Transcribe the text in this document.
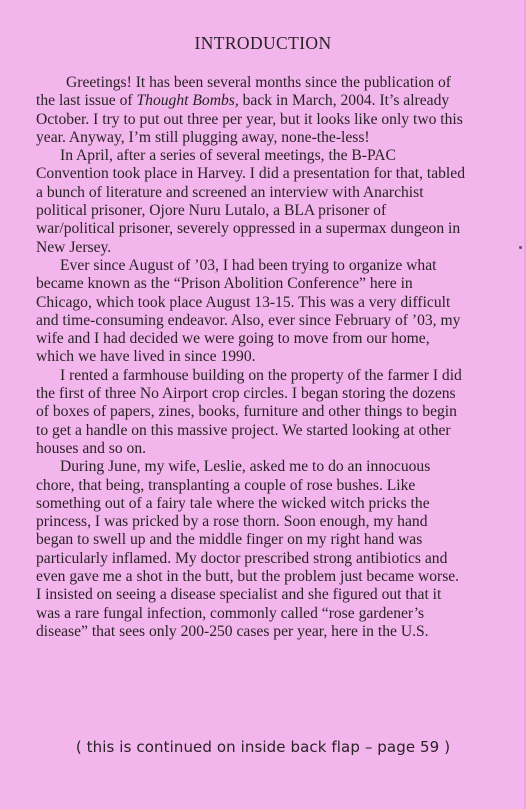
INTRODUCTION

Greetings! It has been several months since the publication of the last issue of Thought Bombs, back in March, 2004. It’s already October. I try to put out three per year, but it looks like only two this year. Anyway, I’m still plugging away, none-the-less!

In April, after a series of several meetings, the B-PAC Convention took place in Harvey. I did a presentation for that, tabled a bunch of literature and screened an interview with Anarchist political prisoner, Ojore Nuru Lutalo, a BLA prisoner of war/political prisoner, severely oppressed in a supermax dungeon in New Jersey.

Ever since August of ’03, I had been trying to organize what became known as the “Prison Abolition Conference” here in Chicago, which took place August 13-15. This was a very difficult and time-consuming endeavor. Also, ever since February of ’03, my wife and I had decided we were going to move from our home, which we have lived in since 1990.

I rented a farmhouse building on the property of the farmer I did the first of three No Airport crop circles. I began storing the dozens of boxes of papers, zines, books, furniture and other things to begin to get a handle on this massive project. We started looking at other houses and so on.

During June, my wife, Leslie, asked me to do an innocuous chore, that being, transplanting a couple of rose bushes. Like something out of a fairy tale where the wicked witch pricks the princess, I was pricked by a rose thorn. Soon enough, my hand began to swell up and the middle finger on my right hand was particularly inflamed. My doctor prescribed strong antibiotics and even gave me a shot in the butt, but the problem just became worse. I insisted on seeing a disease specialist and she figured out that it was a rare fungal infection, commonly called “rose gardener’s disease” that sees only 200-250 cases per year, here in the U.S.

( this is continued on inside back flap – page 59 )
